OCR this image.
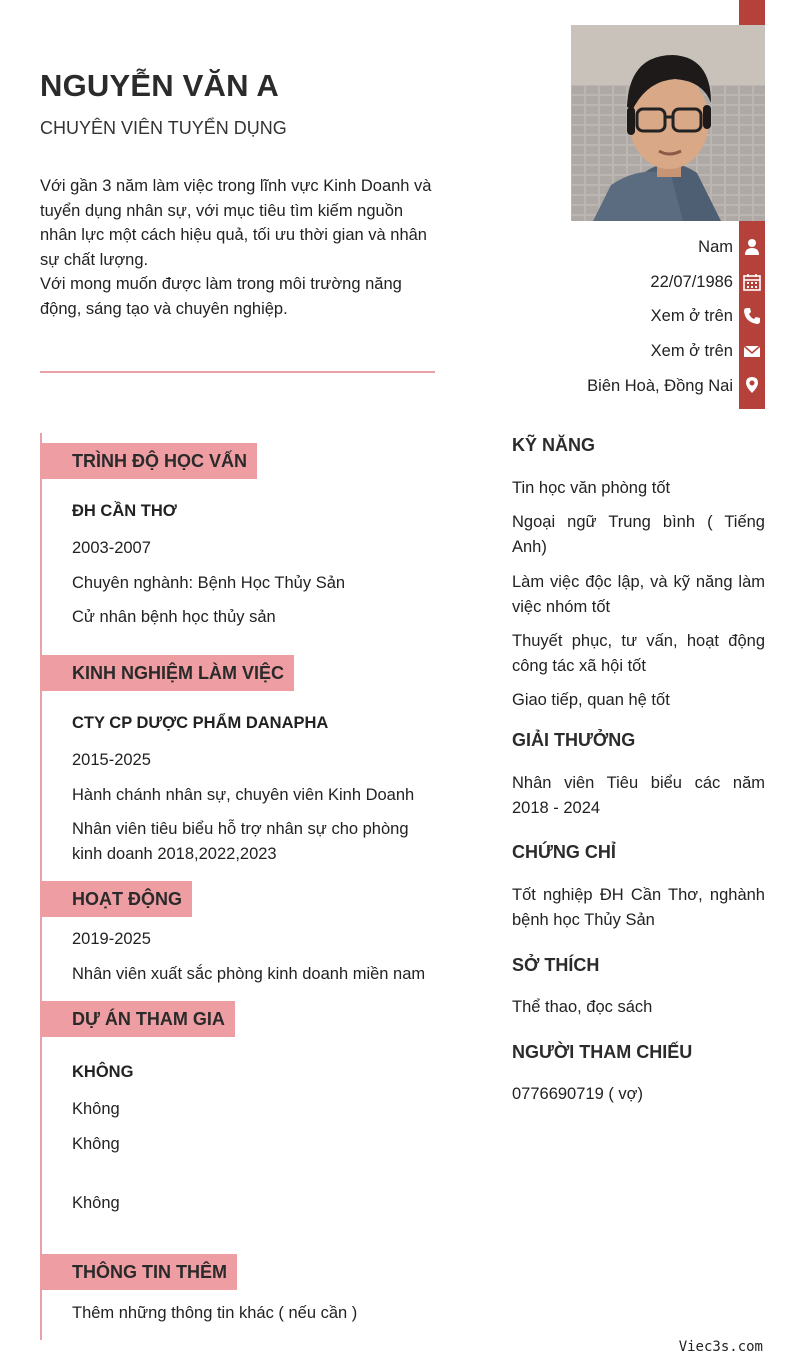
NGUYỄN VĂN A
CHUYÊN VIÊN TUYỂN DỤNG

Với gần 3 năm làm việc trong lĩnh vực Kinh Doanh và tuyển dụng nhân sự, với mục tiêu tìm kiếm nguồn nhân lực một cách hiệu quả, tối ưu thời gian và nhân sự chất lượng.

Với mong muốn được làm trong môi trường năng động, sáng tạo và chuyên nghiệp.

Nam
22/07/1986
Xem ở trên
Xem ở trên
Biên Hoà, Đồng Nai
TRÌNH ĐỘ HỌC VẤN
ĐH CẦN THƠ
2003-2007
Chuyên nghành: Bệnh Học Thủy Sản
Cử nhân bệnh học thủy sản
KINH NGHIỆM LÀM VIỆC
CTY CP DƯỢC PHẨM DANAPHA
2015-2025
Hành chánh nhân sự, chuyên viên Kinh Doanh
Nhân viên tiêu biểu hỗ trợ nhân sự cho phòng kinh doanh 2018,2022,2023
HOẠT ĐỘNG
2019-2025
Nhân viên xuất sắc phòng kinh doanh miền nam
DỰ ÁN THAM GIA
KHÔNG
Không
Không
Không
THÔNG TIN THÊM
Thêm những thông tin khác ( nếu cần )
KỸ NĂNG
Tin học văn phòng tốt
Ngoại ngữ Trung bình ( Tiếng Anh)
Làm việc độc lập, và kỹ năng làm việc nhóm tốt
Thuyết phục, tư vấn, hoạt động công tác xã hội tốt
Giao tiếp, quan hệ tốt
GIẢI THƯỞNG
Nhân viên Tiêu biểu các năm 2018 - 2024
CHỨNG CHỈ
Tốt nghiệp ĐH Cần Thơ, nghành bệnh học Thủy Sản
SỞ THÍCH
Thể thao, đọc sách
NGƯỜI THAM CHIẾU
0776690719 ( vợ)
Viec3s.com
